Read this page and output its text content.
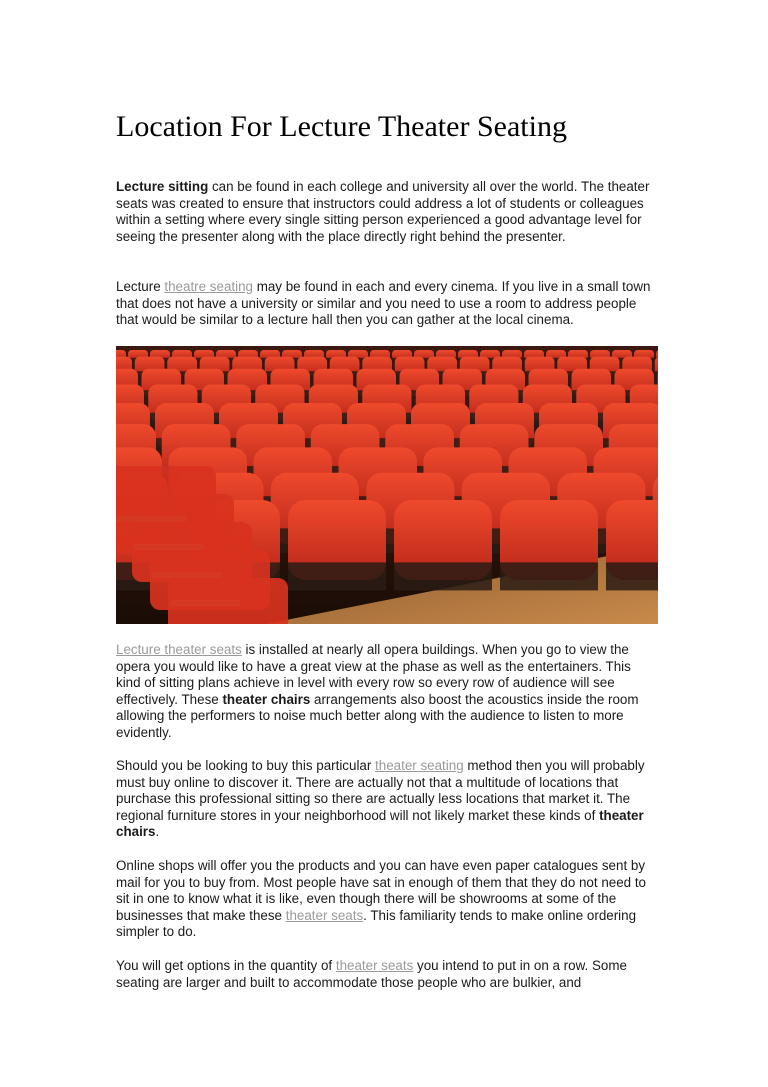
Location For Lecture Theater Seating

Lecture sitting can be found in each college and university all over the world. The theater seats was created to ensure that instructors could address a lot of students or colleagues within a setting where every single sitting person experienced a good advantage level for seeing the presenter along with the place directly right behind the presenter.

Lecture theatre seating may be found in each and every cinema. If you live in a small town that does not have a university or similar and you need to use a room to address people that would be similar to a lecture hall then you can gather at the local cinema.

Lecture theater seats is installed at nearly all opera buildings. When you go to view the opera you would like to have a great view at the phase as well as the entertainers. This kind of sitting plans achieve in level with every row so every row of audience will see effectively. These theater chairs arrangements also boost the acoustics inside the room allowing the performers to noise much better along with the audience to listen to more evidently.

Should you be looking to buy this particular theater seating method then you will probably must buy online to discover it. There are actually not that a multitude of locations that purchase this professional sitting so there are actually less locations that market it. The regional furniture stores in your neighborhood will not likely market these kinds of theater chairs.

Online shops will offer you the products and you can have even paper catalogues sent by mail for you to buy from. Most people have sat in enough of them that they do not need to sit in one to know what it is like, even though there will be showrooms at some of the businesses that make these theater seats. This familiarity tends to make online ordering simpler to do.

You will get options in the quantity of theater seats you intend to put in on a row. Some seating are larger and built to accommodate those people who are bulkier, and
